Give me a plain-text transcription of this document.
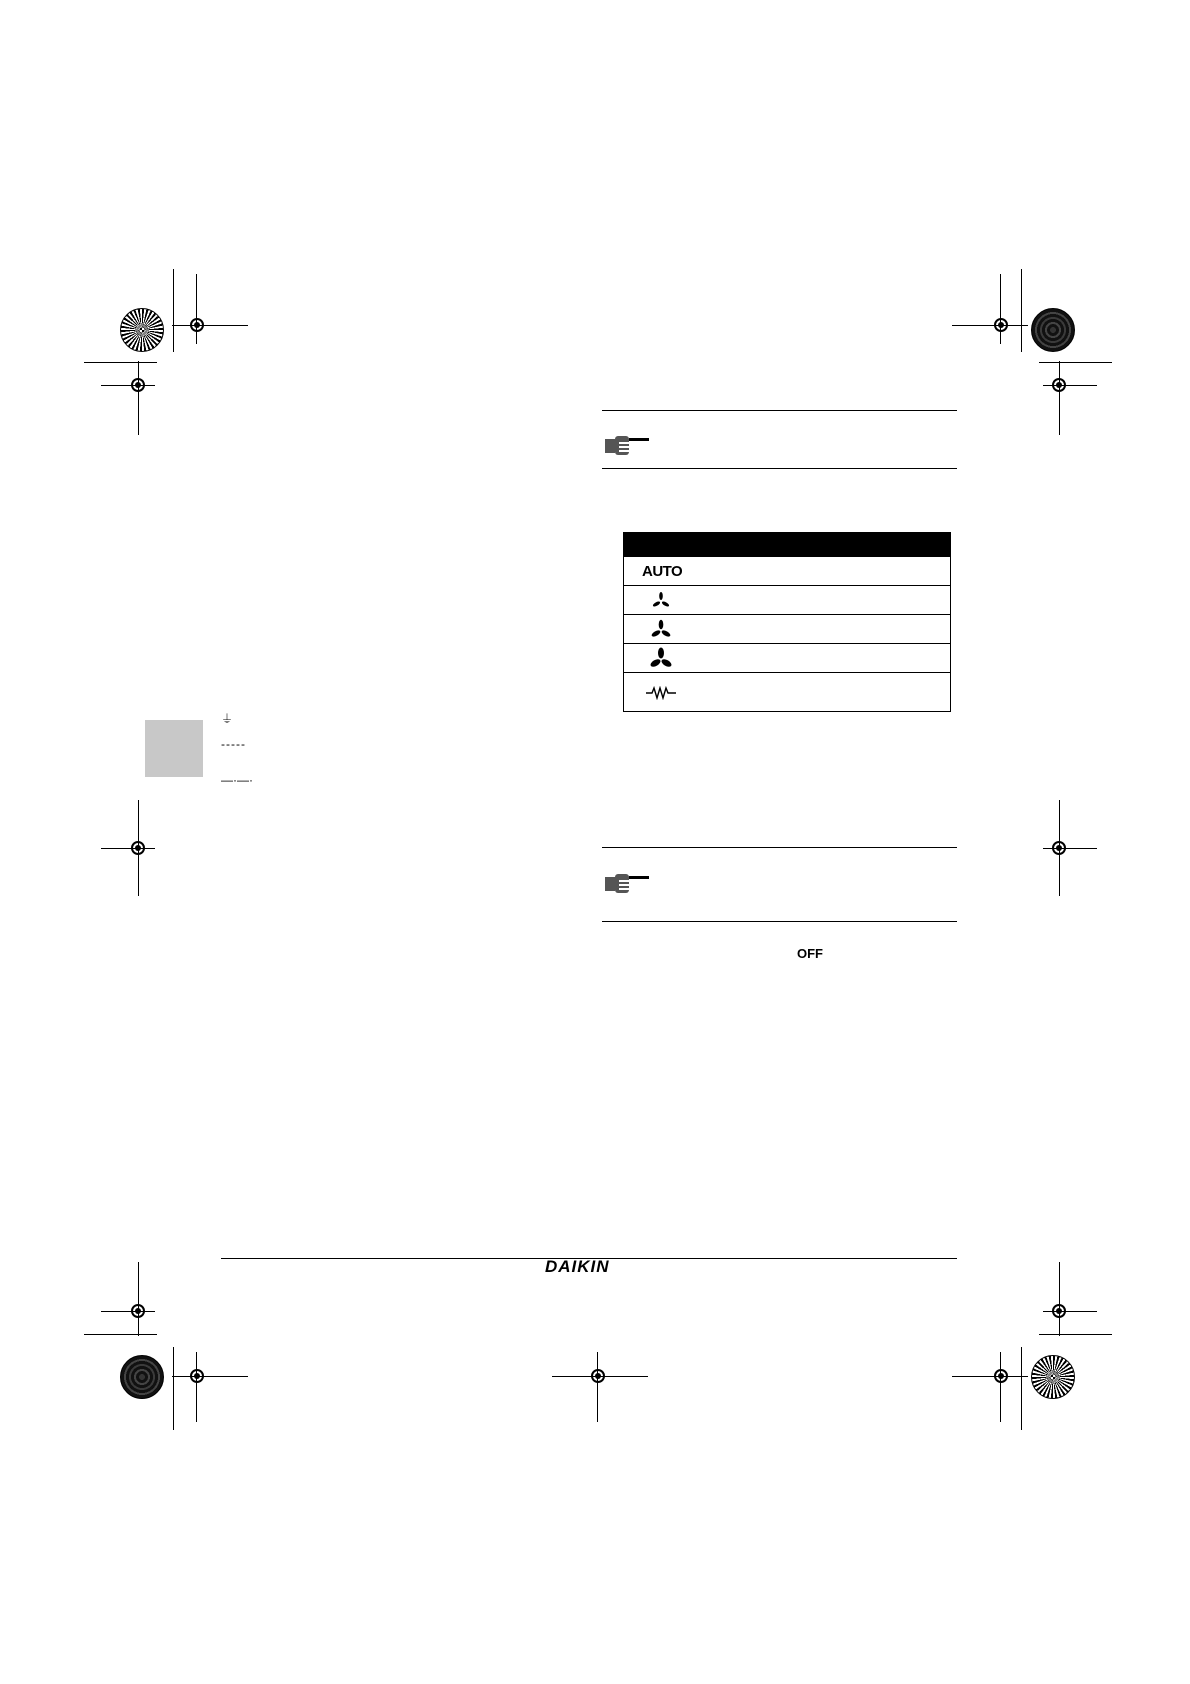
⏚
-----
—·—·

AUTO

OFF
DAIKIN
